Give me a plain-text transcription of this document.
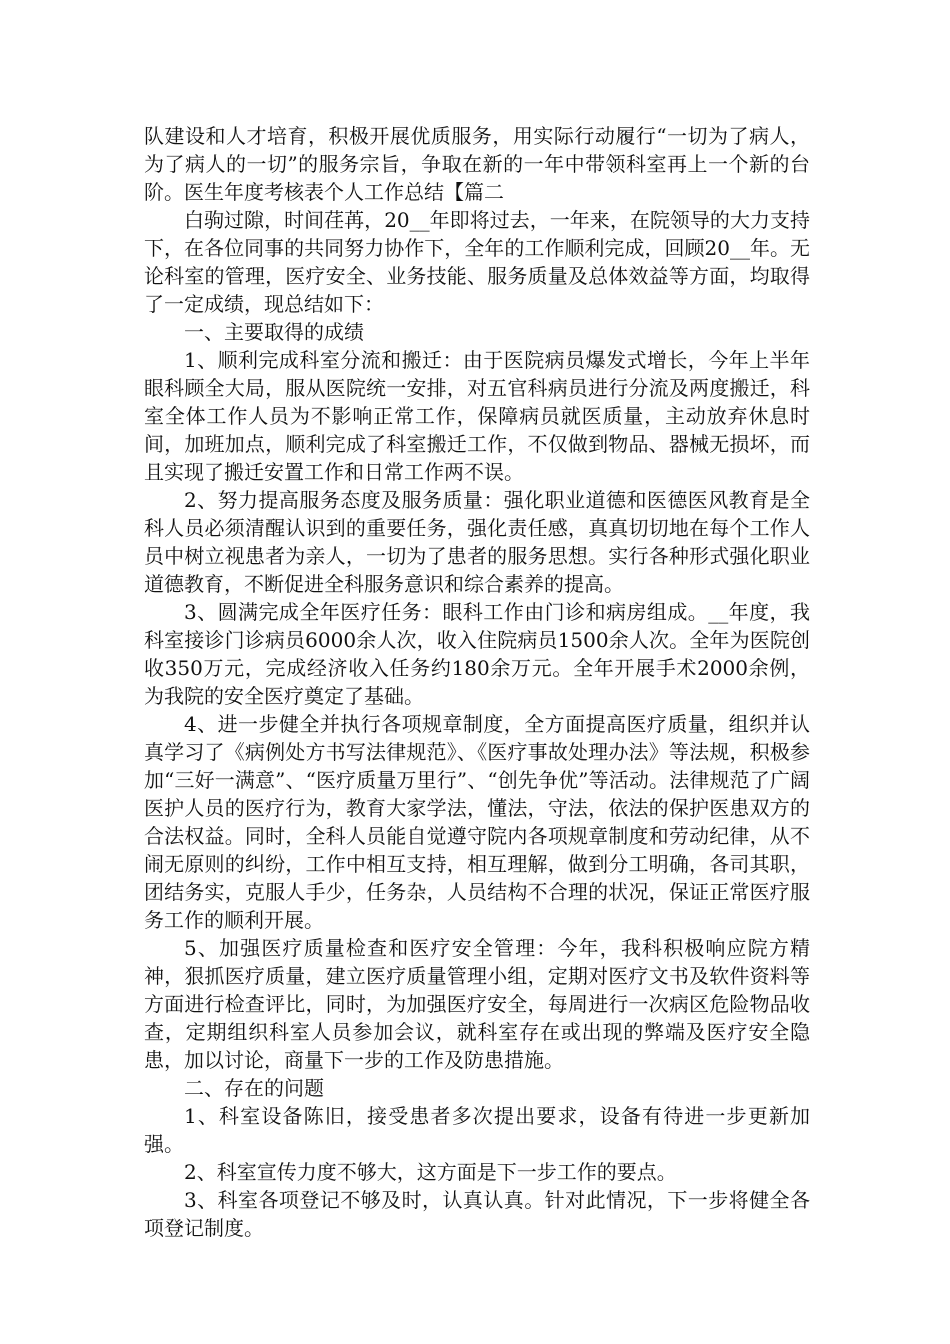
队建设和人才培育，积极开展优质服务，用实际行动履行“一切为了病人，为了病人的一切”的服务宗旨，争取在新的一年中带领科室再上一个新的台阶。医生年度考核表个人工作总结【篇二

白驹过隙，时间荏苒，20__年即将过去，一年来，在院领导的大力支持下，在各位同事的共同努力协作下，全年的工作顺利完成，回顾20__年。无论科室的管理，医疗安全、业务技能、服务质量及总体效益等方面，均取得了一定成绩，现总结如下：

一、主要取得的成绩

1、顺利完成科室分流和搬迁：由于医院病员爆发式增长，今年上半年眼科顾全大局，服从医院统一安排，对五官科病员进行分流及两度搬迁，科室全体工作人员为不影响正常工作，保障病员就医质量，主动放弃休息时间，加班加点，顺利完成了科室搬迁工作，不仅做到物品、器械无损坏，而且实现了搬迁安置工作和日常工作两不误。

2、努力提高服务态度及服务质量：强化职业道德和医德医风教育是全科人员必须清醒认识到的重要任务，强化责任感，真真切切地在每个工作人员中树立视患者为亲人，一切为了患者的服务思想。实行各种形式强化职业道德教育，不断促进全科服务意识和综合素养的提高。

3、圆满完成全年医疗任务：眼科工作由门诊和病房组成。__年度，我科室接诊门诊病员6000余人次，收入住院病员1500余人次。全年为医院创收350万元，完成经济收入任务约180余万元。全年开展手术2000余例，为我院的安全医疗奠定了基础。

4、进一步健全并执行各项规章制度，全方面提高医疗质量，组织并认真学习了《病例处方书写法律规范》、《医疗事故处理办法》等法规，积极参加“三好一满意”、“医疗质量万里行”、“创先争优”等活动。法律规范了广阔医护人员的医疗行为，教育大家学法，懂法，守法，依法的保护医患双方的合法权益。同时，全科人员能自觉遵守院内各项规章制度和劳动纪律，从不闹无原则的纠纷，工作中相互支持，相互理解，做到分工明确，各司其职，团结务实，克服人手少，任务杂，人员结构不合理的状况，保证正常医疗服务工作的顺利开展。

5、加强医疗质量检查和医疗安全管理：今年，我科积极响应院方精神，狠抓医疗质量，建立医疗质量管理小组，定期对医疗文书及软件资料等方面进行检查评比，同时，为加强医疗安全，每周进行一次病区危险物品收查，定期组织科室人员参加会议，就科室存在或出现的弊端及医疗安全隐患，加以讨论，商量下一步的工作及防患措施。

二、存在的问题

1、科室设备陈旧，接受患者多次提出要求，设备有待进一步更新加强。

2、科室宣传力度不够大，这方面是下一步工作的要点。

3、科室各项登记不够及时，认真认真。针对此情况，下一步将健全各项登记制度。
